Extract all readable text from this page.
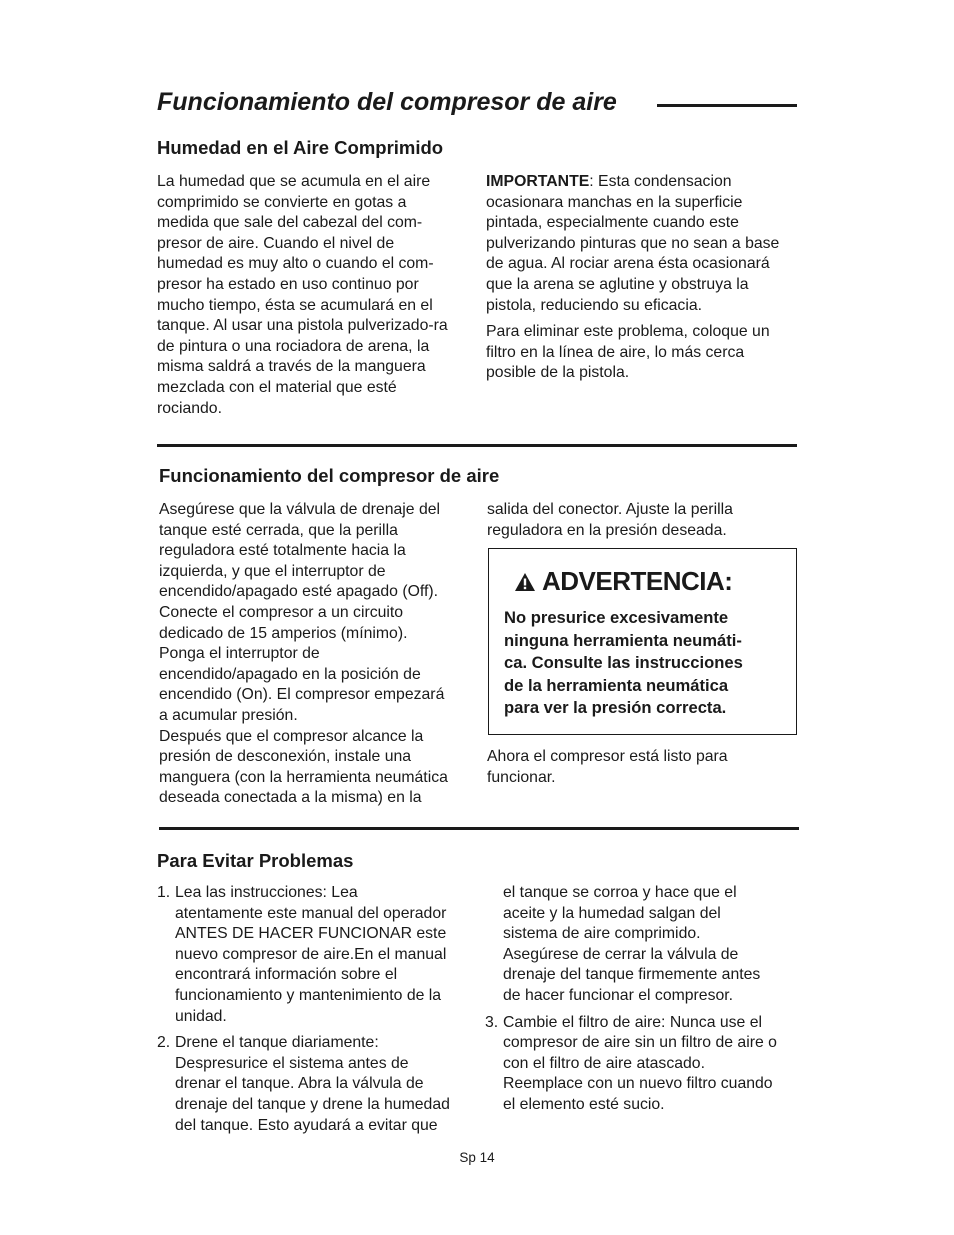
Funcionamiento del compresor de aire
Humedad en el Aire Comprimido

La humedad que se acumula en el aire comprimido se convierte en gotas a medida que sale del cabezal del com-presor de aire. Cuando el nivel de humedad es muy alto o cuando el com-presor ha estado en uso continuo por mucho tiempo, ésta se acumulará en el tanque. Al usar una pistola pulverizado-ra de pintura o una rociadora de arena, la misma saldrá a través de la manguera mezclada con el material que esté rociando.

IMPORTANTE: Esta condensacion ocasionara manchas en la superficie pintada, especialmente cuando este pulverizando pinturas que no sean a base de agua. Al rociar arena ésta ocasionará que la arena se aglutine y obstruya la pistola, reduciendo su eficacia.

Para eliminar este problema, coloque un filtro en la línea de aire, lo más cerca posible de la pistola.

Funcionamiento del compresor de aire
Asegúrese que la válvula de drenaje del
tanque esté cerrada, que la perilla
reguladora esté totalmente hacia la
izquierda, y que el interruptor de
encendido/apagado esté apagado (Off).
Conecte el compresor a un circuito
dedicado de 15 amperios (mínimo).
Ponga el interruptor de
encendido/apagado en la posición de
encendido (On). El compresor empezará
a acumular presión.
Después que el compresor alcance la
presión de desconexión, instale una
manguera (con la herramienta neumática
deseada conectada a la misma) en la
salida del conector. Ajuste la perilla
reguladora en la presión deseada.
ADVERTENCIA:
No presurice excesivamente
ninguna herramienta neumáti-
ca. Consulte las instrucciones
de la herramienta neumática
para ver la presión correcta.
Ahora el compresor está listo para
funcionar.
Para Evitar Problemas
1. Lea las instrucciones: Lea
atentamente este manual del operador
ANTES DE HACER FUNCIONAR este
nuevo compresor de aire.En el manual
encontrará información sobre el
funcionamiento y mantenimiento de la
unidad.
2. Drene el tanque diariamente:
Despresurice el sistema antes de
drenar el tanque. Abra la válvula de
drenaje del tanque y drene la humedad
del tanque. Esto ayudará a evitar que
el tanque se corroa y hace que el
aceite y la humedad salgan del
sistema de aire comprimido.
Asegúrese de cerrar la válvula de
drenaje del tanque firmemente antes
de hacer funcionar el compresor.
3. Cambie el filtro de aire: Nunca use el
compresor de aire sin un filtro de aire o
con el filtro de aire atascado.
Reemplace con un nuevo filtro cuando
el elemento esté sucio.
Sp 14
